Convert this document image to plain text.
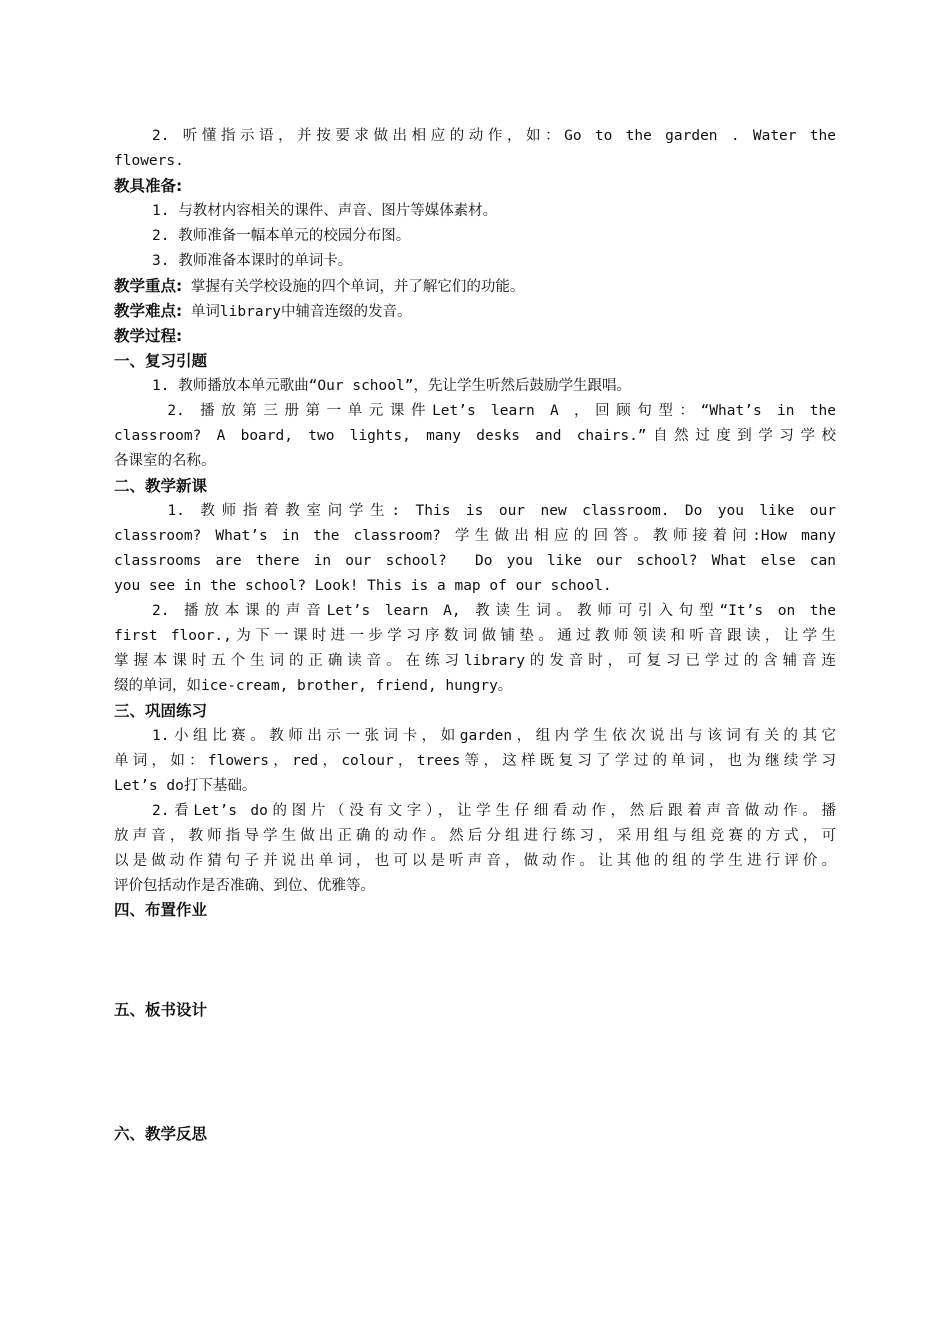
2. 听懂指示语，并按要求做出相应的动作，如：Go to the garden . Water the
flowers.
教具准备:
1. 与教材内容相关的课件、声音、图片等媒体素材。
2. 教师准备一幅本单元的校园分布图。
3. 教师准备本课时的单词卡。
教学重点: 掌握有关学校设施的四个单词，并了解它们的功能。
教学难点: 单词library中辅音连缀的发音。
教学过程:
一、复习引题
1. 教师播放本单元歌曲“Our school”，先让学生听然后鼓励学生跟唱。
2. 播放第三册第一单元课件Let’s learn A ，回顾句型：“What’s in the
classroom? A board, two lights, many desks and chairs.”自然过度到学习学校
各课室的名称。
二、教学新课
1. 教师指着教室问学生: This is our new classroom. Do you like our
classroom? What’s in the classroom? 学生做出相应的回答。教师接着问:How many
classrooms are there in our school?  Do you like our school? What else can
you see in the school? Look! This is a map of our school.
2. 播放本课的声音Let’s learn A, 教读生词。教师可引入句型“It’s on the
first floor.,为下一课时进一步学习序数词做铺垫。通过教师领读和听音跟读，让学生
掌握本课时五个生词的正确读音。在练习library的发音时，可复习已学过的含辅音连
缀的单词，如ice-cream, brother, friend, hungry。
三、巩固练习
1.小组比赛。教师出示一张词卡，如garden，组内学生依次说出与该词有关的其它
单词，如：flowers，red，colour，trees等，这样既复习了学过的单词，也为继续学习
Let’s do打下基础。
2.看Let’s do的图片（没有文字），让学生仔细看动作，然后跟着声音做动作。播
放声音，教师指导学生做出正确的动作。然后分组进行练习，采用组与组竞赛的方式，可
以是做动作猜句子并说出单词，也可以是听声音，做动作。让其他的组的学生进行评价。
评价包括动作是否准确、到位、优雅等。
四、布置作业
五、板书设计
六、教学反思
